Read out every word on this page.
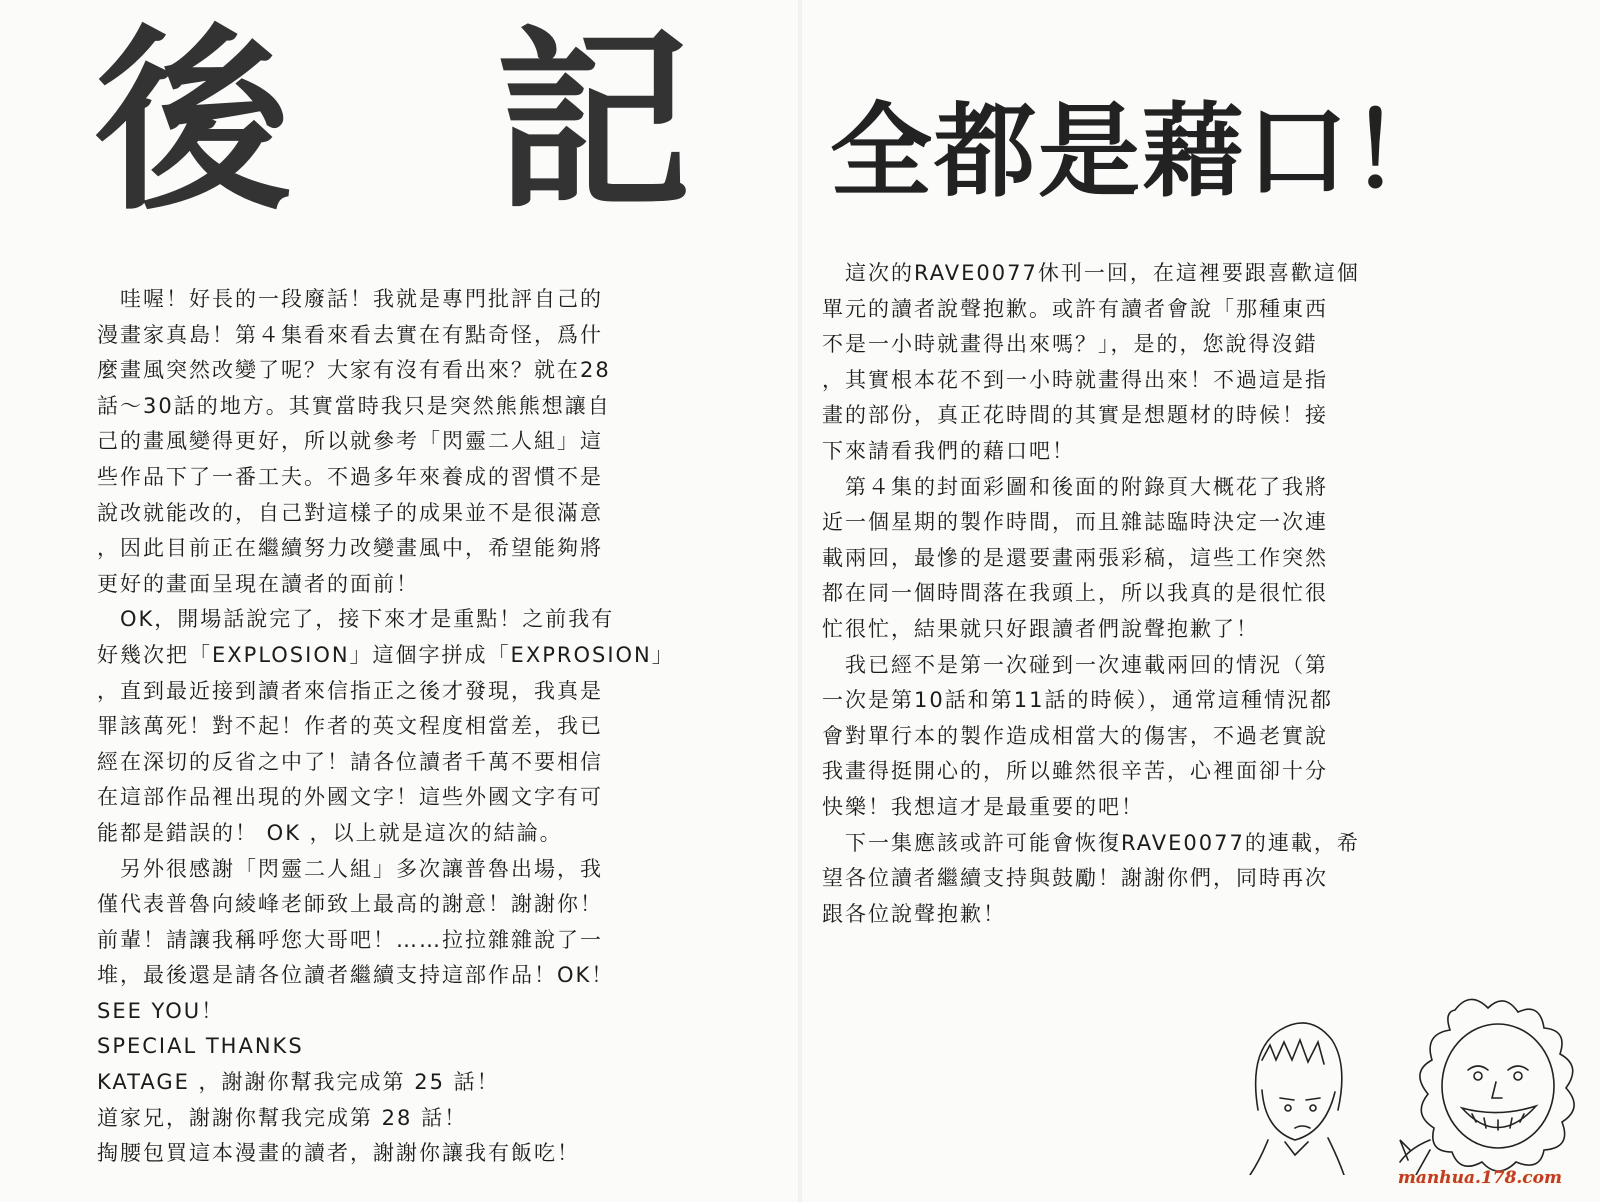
後 記 全都是藉口！
　哇喔！好長的一段廢話！我就是專門批評自己的
漫畫家真島！第４集看來看去實在有點奇怪，爲什
麼畫風突然改變了呢？大家有沒有看出來？就在28
話～30話的地方。其實當時我只是突然熊熊想讓自
己的畫風變得更好，所以就參考「閃靈二人組」這
些作品下了一番工夫。不過多年來養成的習慣不是
說改就能改的，自己對這樣子的成果並不是很滿意
，因此目前正在繼續努力改變畫風中，希望能夠將
更好的畫面呈現在讀者的面前！
　OK，開場話說完了，接下來才是重點！之前我有
好幾次把「EXPLOSION」這個字拼成「EXPROSION」
，直到最近接到讀者來信指正之後才發現，我真是
罪該萬死！對不起！作者的英文程度相當差，我已
經在深切的反省之中了！請各位讀者千萬不要相信
在這部作品裡出現的外國文字！這些外國文字有可
能都是錯誤的！ OK ，以上就是這次的結論。
　另外很感謝「閃靈二人組」多次讓普魯出場，我
僅代表普魯向綾峰老師致上最高的謝意！謝謝你！
前輩！請讓我稱呼您大哥吧！……拉拉雜雜說了一
堆，最後還是請各位讀者繼續支持這部作品！OK！
SEE YOU！
SPECIAL THANKS
KATAGE ，謝謝你幫我完成第 25 話！
道家兄，謝謝你幫我完成第 28 話！
掏腰包買這本漫畫的讀者，謝謝你讓我有飯吃！
　這次的RAVE0077休刊一回，在這裡要跟喜歡這個
單元的讀者說聲抱歉。或許有讀者會說「那種東西
不是一小時就畫得出來嗎？」，是的，您說得沒錯
，其實根本花不到一小時就畫得出來！不過這是指
畫的部份，真正花時間的其實是想題材的時候！接
下來請看我們的藉口吧！
　第４集的封面彩圖和後面的附錄頁大概花了我將
近一個星期的製作時間，而且雜誌臨時決定一次連
載兩回，最慘的是還要畫兩張彩稿，這些工作突然
都在同一個時間落在我頭上，所以我真的是很忙很
忙很忙，結果就只好跟讀者們說聲抱歉了！
　我已經不是第一次碰到一次連載兩回的情況（第
一次是第10話和第11話的時候），通常這種情況都
會對單行本的製作造成相當大的傷害，不過老實說
我畫得挺開心的，所以雖然很辛苦，心裡面卻十分
快樂！我想這才是最重要的吧！
　下一集應該或許可能會恢復RAVE0077的連載，希
望各位讀者繼續支持與鼓勵！謝謝你們，同時再次
跟各位說聲抱歉！
manhua.178.com
